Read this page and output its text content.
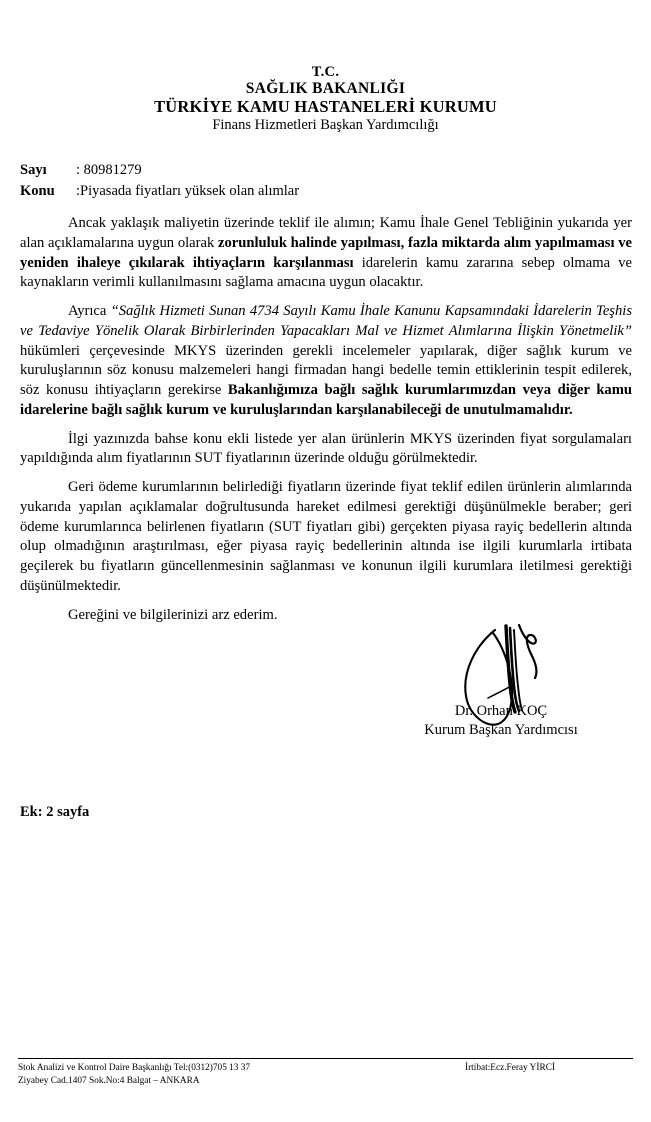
T.C.
SAĞLIK BAKANLIĞI
TÜRKİYE KAMU HASTANELERİ KURUMU
Finans Hizmetleri Başkan Yardımcılığı
Sayı	: 80981279
Konu	:Piyasada fiyatları yüksek olan alımlar

Ancak yaklaşık maliyetin üzerinde teklif ile alımın; Kamu İhale Genel Tebliğinin yukarıda yer alan açıklamalarına uygun olarak zorunluluk halinde yapılması, fazla miktarda alım yapılmaması ve yeniden ihaleye çıkılarak ihtiyaçların karşılanması idarelerin kamu zararına sebep olmama ve kaynakların verimli kullanılmasını sağlama amacına uygun olacaktır.

Ayrıca “Sağlık Hizmeti Sunan 4734 Sayılı Kamu İhale Kanunu Kapsamındaki İdarelerin Teşhis ve Tedaviye Yönelik Olarak Birbirlerinden Yapacakları Mal ve Hizmet Alımlarına İlişkin Yönetmelik” hükümleri çerçevesinde MKYS üzerinden gerekli incelemeler yapılarak, diğer sağlık kurum ve kuruluşlarının söz konusu malzemeleri hangi firmadan hangi bedelle temin ettiklerinin tespit edilerek, söz konusu ihtiyaçların gerekirse Bakanlığımıza bağlı sağlık kurumlarımızdan veya diğer kamu idarelerine bağlı sağlık kurum ve kuruluşlarından karşılanabileceği de unutulmamalıdır.

İlgi yazınızda bahse konu ekli listede yer alan ürünlerin MKYS üzerinden fiyat sorgulamaları yapıldığında alım fiyatlarının SUT fiyatlarının üzerinde olduğu görülmektedir.

Geri ödeme kurumlarının belirlediği fiyatların üzerinde fiyat teklif edilen ürünlerin alımlarında yukarıda yapılan açıklamalar doğrultusunda hareket edilmesi gerektiği düşünülmekle beraber; geri ödeme kurumlarınca belirlenen fiyatların (SUT fiyatları gibi) gerçekten piyasa rayiç bedellerin altında olup olmadığının araştırılması, eğer piyasa rayiç bedellerinin altında ise ilgili kurumlarla irtibata geçilerek bu fiyatların güncellenmesinin sağlanması ve konunun ilgili kurumlara iletilmesi gerektiği düşünülmektedir.

Gereğini ve bilgilerinizi arz ederim.

Dr. Orhan KOÇ
Kurum Başkan Yardımcısı
Ek: 2 sayfa
Stok Analizi ve Kontrol Daire Başkanlığı Tel:(0312)705 13 37
Ziyabey Cad.1407 Sok.No:4 Balgat – ANKARA
İrtibat:Ecz.Feray YİRCİ
